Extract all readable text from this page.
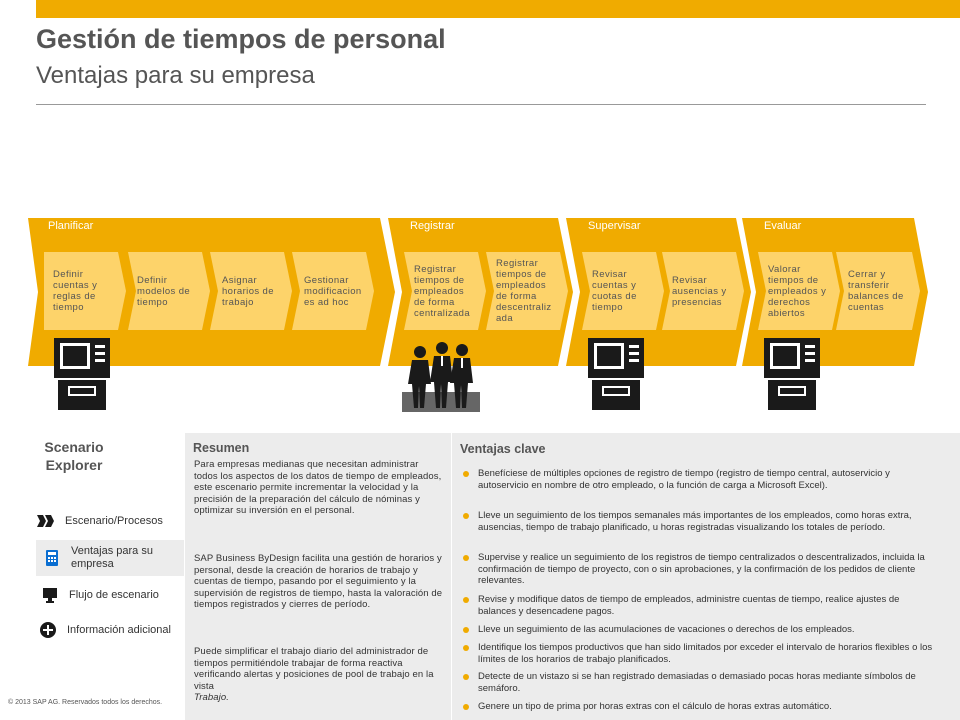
Gestión de tiempos de personal
Ventajas para su empresa
Planificar
Definir cuentas y reglas de tiempo
Definir modelos de tiempo
Asignar horarios de trabajo
Gestionar modificacion es ad hoc
Registrar
Registrar tiempos de empleados de forma centralizada
Registrar tiempos de empleados de forma descentraliz ada
Supervisar
Revisar cuentas y cuotas de tiempo
Revisar ausencias y presencias
Evaluar
Valorar tiempos de empleados y derechos abiertos
Cerrar y transferir balances de cuentas
Scenario Explorer
Escenario/Procesos
Ventajas para su empresa
Flujo de escenario
Información adicional
© 2013 SAP AG. Reservados todos los derechos.
Resumen

Para empresas medianas que necesitan administrar todos los aspectos de los datos de tiempo de empleados, este escenario permite incrementar la velocidad y la precisión de la preparación del cálculo de nóminas y optimizar su inversión en el personal.

SAP Business ByDesign facilita una gestión de horarios y personal, desde la creación de horarios de trabajo y cuentas de tiempo, pasando por el seguimiento y la supervisión de registros de tiempo, hasta la valoración de tiempos registrados y cierres de período.

Puede simplificar el trabajo diario del administrador de tiempos permitiéndole trabajar de forma reactiva verificando alertas y posiciones de pool de trabajo en la vista

Trabajo.

Ventajas clave
Benefíciese de múltiples opciones de registro de tiempo (registro de tiempo central, autoservicio y autoservicio en nombre de otro empleado, o la función de carga a Microsoft Excel).
Lleve un seguimiento de los tiempos semanales más importantes de los empleados, como horas extra, ausencias, tiempo de trabajo planificado, u horas registradas visualizando los totales de período.
Supervise y realice un seguimiento de los registros de tiempo centralizados o descentralizados, incluida la confirmación de tiempo de proyecto, con o sin aprobaciones, y la confirmación de los pedidos de cliente relevantes.
Revise y modifique datos de tiempo de empleados, administre cuentas de tiempo, realice ajustes de balances y desencadene pagos.
Lleve un seguimiento de las acumulaciones de vacaciones o derechos de los empleados.
Identifique los tiempos productivos que han sido limitados por exceder el intervalo de horarios flexibles o los límites de los horarios de trabajo planificados.
Detecte de un vistazo si se han registrado demasiadas o demasiado pocas horas mediante símbolos de semáforo.
Genere un tipo de prima por horas extras con el cálculo de horas extras automático.
